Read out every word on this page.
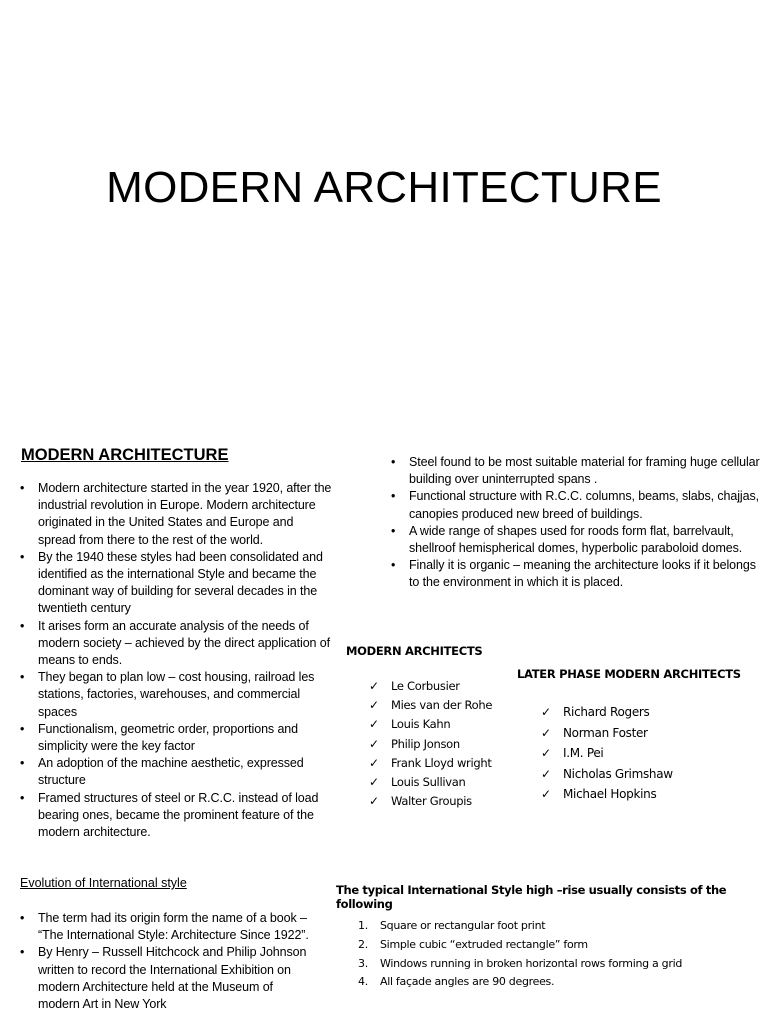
MODERN ARCHITECTURE
MODERN ARCHITECTURE
• Modern architecture started in the year 1920, after the industrial revolution in Europe. Modern architecture originated in the United States and Europe and spread from there to the rest of the world.
• By the 1940 these styles had been consolidated and identified as the international Style and became the dominant way of building for several decades in the twentieth century
• It arises form an accurate analysis of the needs of modern society – achieved by the direct application of means to ends.
• They began to plan low – cost housing, railroad les stations, factories, warehouses, and commercial spaces
• Functionalism, geometric order, proportions and simplicity were the key factor
• An adoption of the machine aesthetic, expressed structure
• Framed structures of steel or R.C.C. instead of load bearing ones, became the prominent feature of the modern architecture.
• Steel found to be most suitable material for framing huge cellular building over uninterrupted spans .
• Functional structure with R.C.C. columns, beams, slabs, chajjas, canopies produced new breed of buildings.
• A wide range of shapes used for roods form flat, barrelvault, shellroof hemispherical domes, hyperbolic paraboloid domes.
• Finally it is organic – meaning the architecture looks if it belongs to the environment in which it is placed.
MODERN ARCHITECTS
✓ Le Corbusier
✓ Mies van der Rohe
✓ Louis Kahn
✓ Philip Jonson
✓ Frank Lloyd wright
✓ Louis Sullivan
✓ Walter Groupis
LATER PHASE MODERN ARCHITECTS
✓ Richard Rogers
✓ Norman Foster
✓ I.M. Pei
✓ Nicholas Grimshaw
✓ Michael Hopkins
Evolution of International style
• The term had its origin form the name of a book – “The International Style: Architecture Since 1922”.
• By Henry – Russell Hitchcock and Philip Johnson written to record the International Exhibition on modern Architecture held at the Museum of modern Art in New York
The typical International Style high –rise usually consists of the following
1. Square or rectangular foot print
2. Simple cubic “extruded rectangle” form
3. Windows running in broken horizontal rows forming a grid
4. All façade angles are 90 degrees.
